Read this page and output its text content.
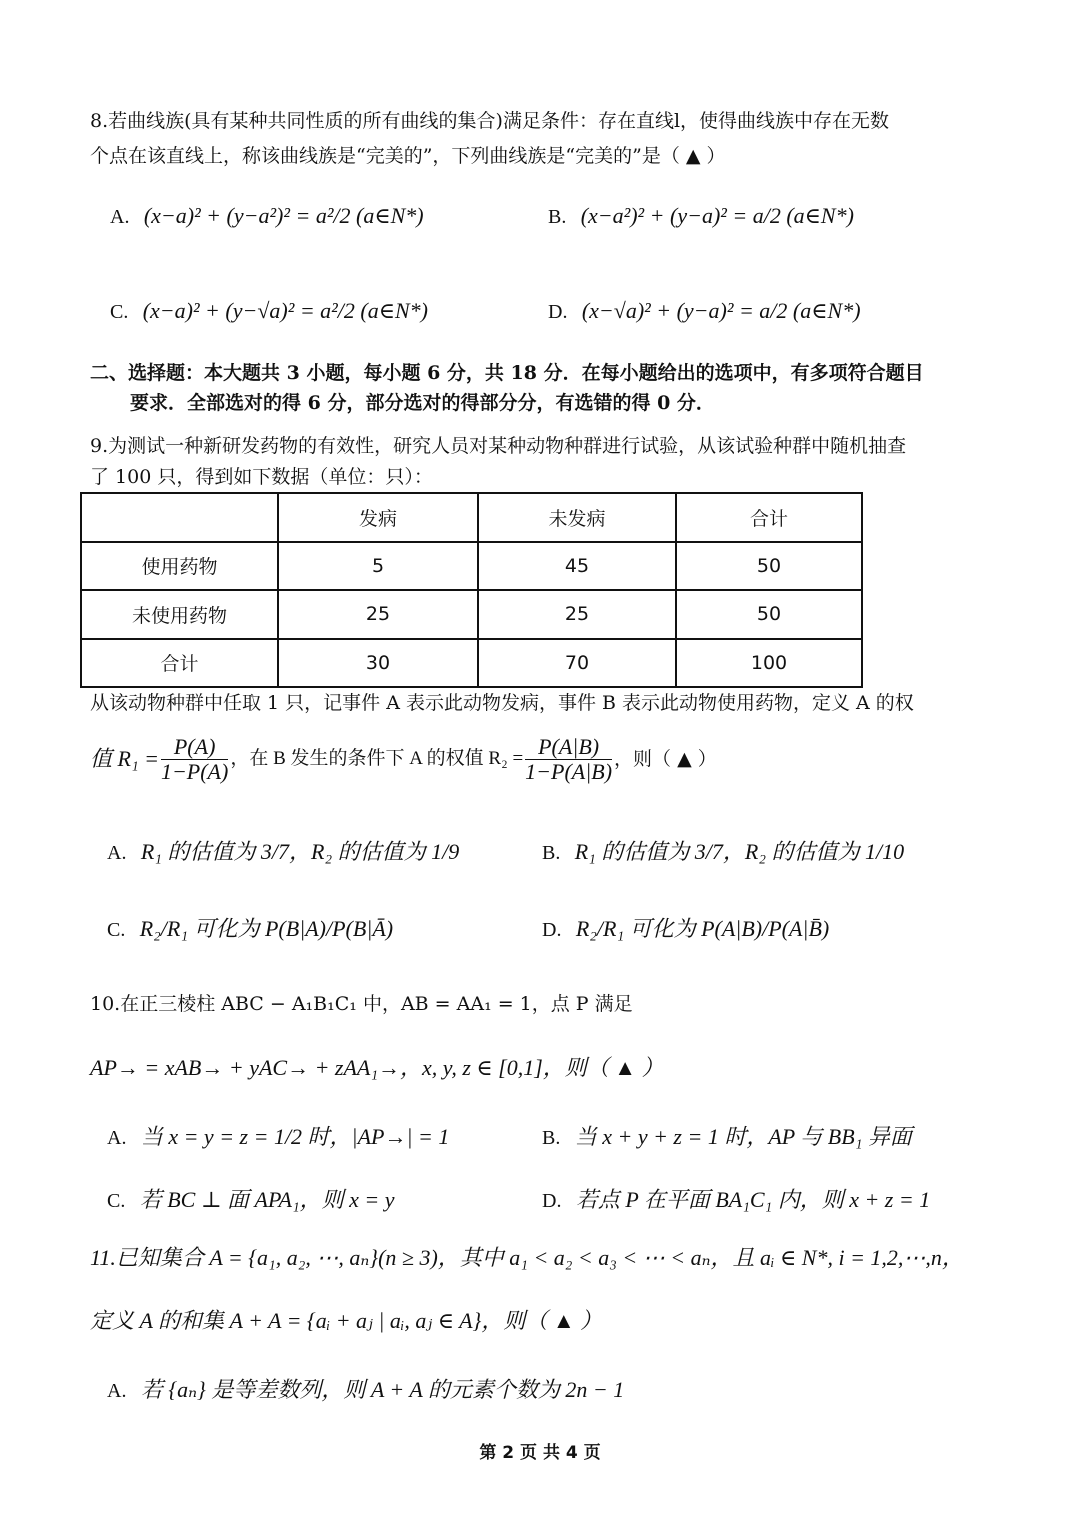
8.若曲线族(具有某种共同性质的所有曲线的集合)满足条件：存在直线l，使得曲线族中存在无数
个点在该直线上，称该曲线族是“完美的”，下列曲线族是“完美的”是（ ▲ ）
A. (x−a)² + (y−a²)² = a²/2 (a∈N*)	B. (x−a²)² + (y−a)² = a/2 (a∈N*)
C. (x−a)² + (y−√a)² = a²/2 (a∈N*)	D. (x−√a)² + (y−a)² = a/2 (a∈N*)
二、选择题：本大题共 3 小题，每小题 6 分，共 18 分．在每小题给出的选项中，有多项符合题目
要求．全部选对的得 6 分，部分选对的得部分分，有选错的得 0 分．
9.为测试一种新研发药物的有效性，研究人员对某种动物种群进行试验，从该试验种群中随机抽查
了 100 只，得到如下数据（单位：只）：
	发病	未发病	合计
使用药物	5	45	50
未使用药物	25	25	50
合计	30	70	100
从该动物种群中任取 1 只，记事件 A 表示此动物发病，事件 B 表示此动物使用药物，定义 A 的权
值 $R_1 = \frac{P(A)}{1-P(A)}$ ，在 B 发生的条件下 A 的权值 $R_2 = \frac{P(A|B)}{1-P(A|B)}$ ，则（ ▲ ）
A. R₁ 的估值为 3/7，R₂ 的估值为 1/9	B. R₁ 的估值为 3/7，R₂ 的估值为 1/10
C. R₂/R₁ 可化为 P(B|A)/P(B|Ā)	D. R₂/R₁ 可化为 P(A|B)/P(A|B̄)
10.在正三棱柱 ABC − A₁B₁C₁ 中，AB = AA₁ = 1，点 P 满足
AP→ = xAB→ + yAC→ + zAA₁→，x, y, z ∈ [0,1]，则（ ▲ ）
A. 当 x = y = z = 1/2 时，|AP→| = 1	B. 当 x + y + z = 1 时，AP 与 BB₁ 异面
C. 若 BC ⊥ 面 APA₁，则 x = y	D. 若点 P 在平面 BA₁C₁ 内，则 x + z = 1
11.已知集合 A = {a₁, a₂, ⋯, aₙ}(n ≥ 3)，其中 a₁ < a₂ < a₃ < ⋯ < aₙ，且 aᵢ ∈ N*, i = 1,2,⋯,n，
定义 A 的和集 A + A = {aᵢ + aⱼ | aᵢ, aⱼ ∈ A}，则（ ▲ ）
A. 若 {aₙ} 是等差数列，则 A + A 的元素个数为 2n − 1
第 2 页 共 4 页
